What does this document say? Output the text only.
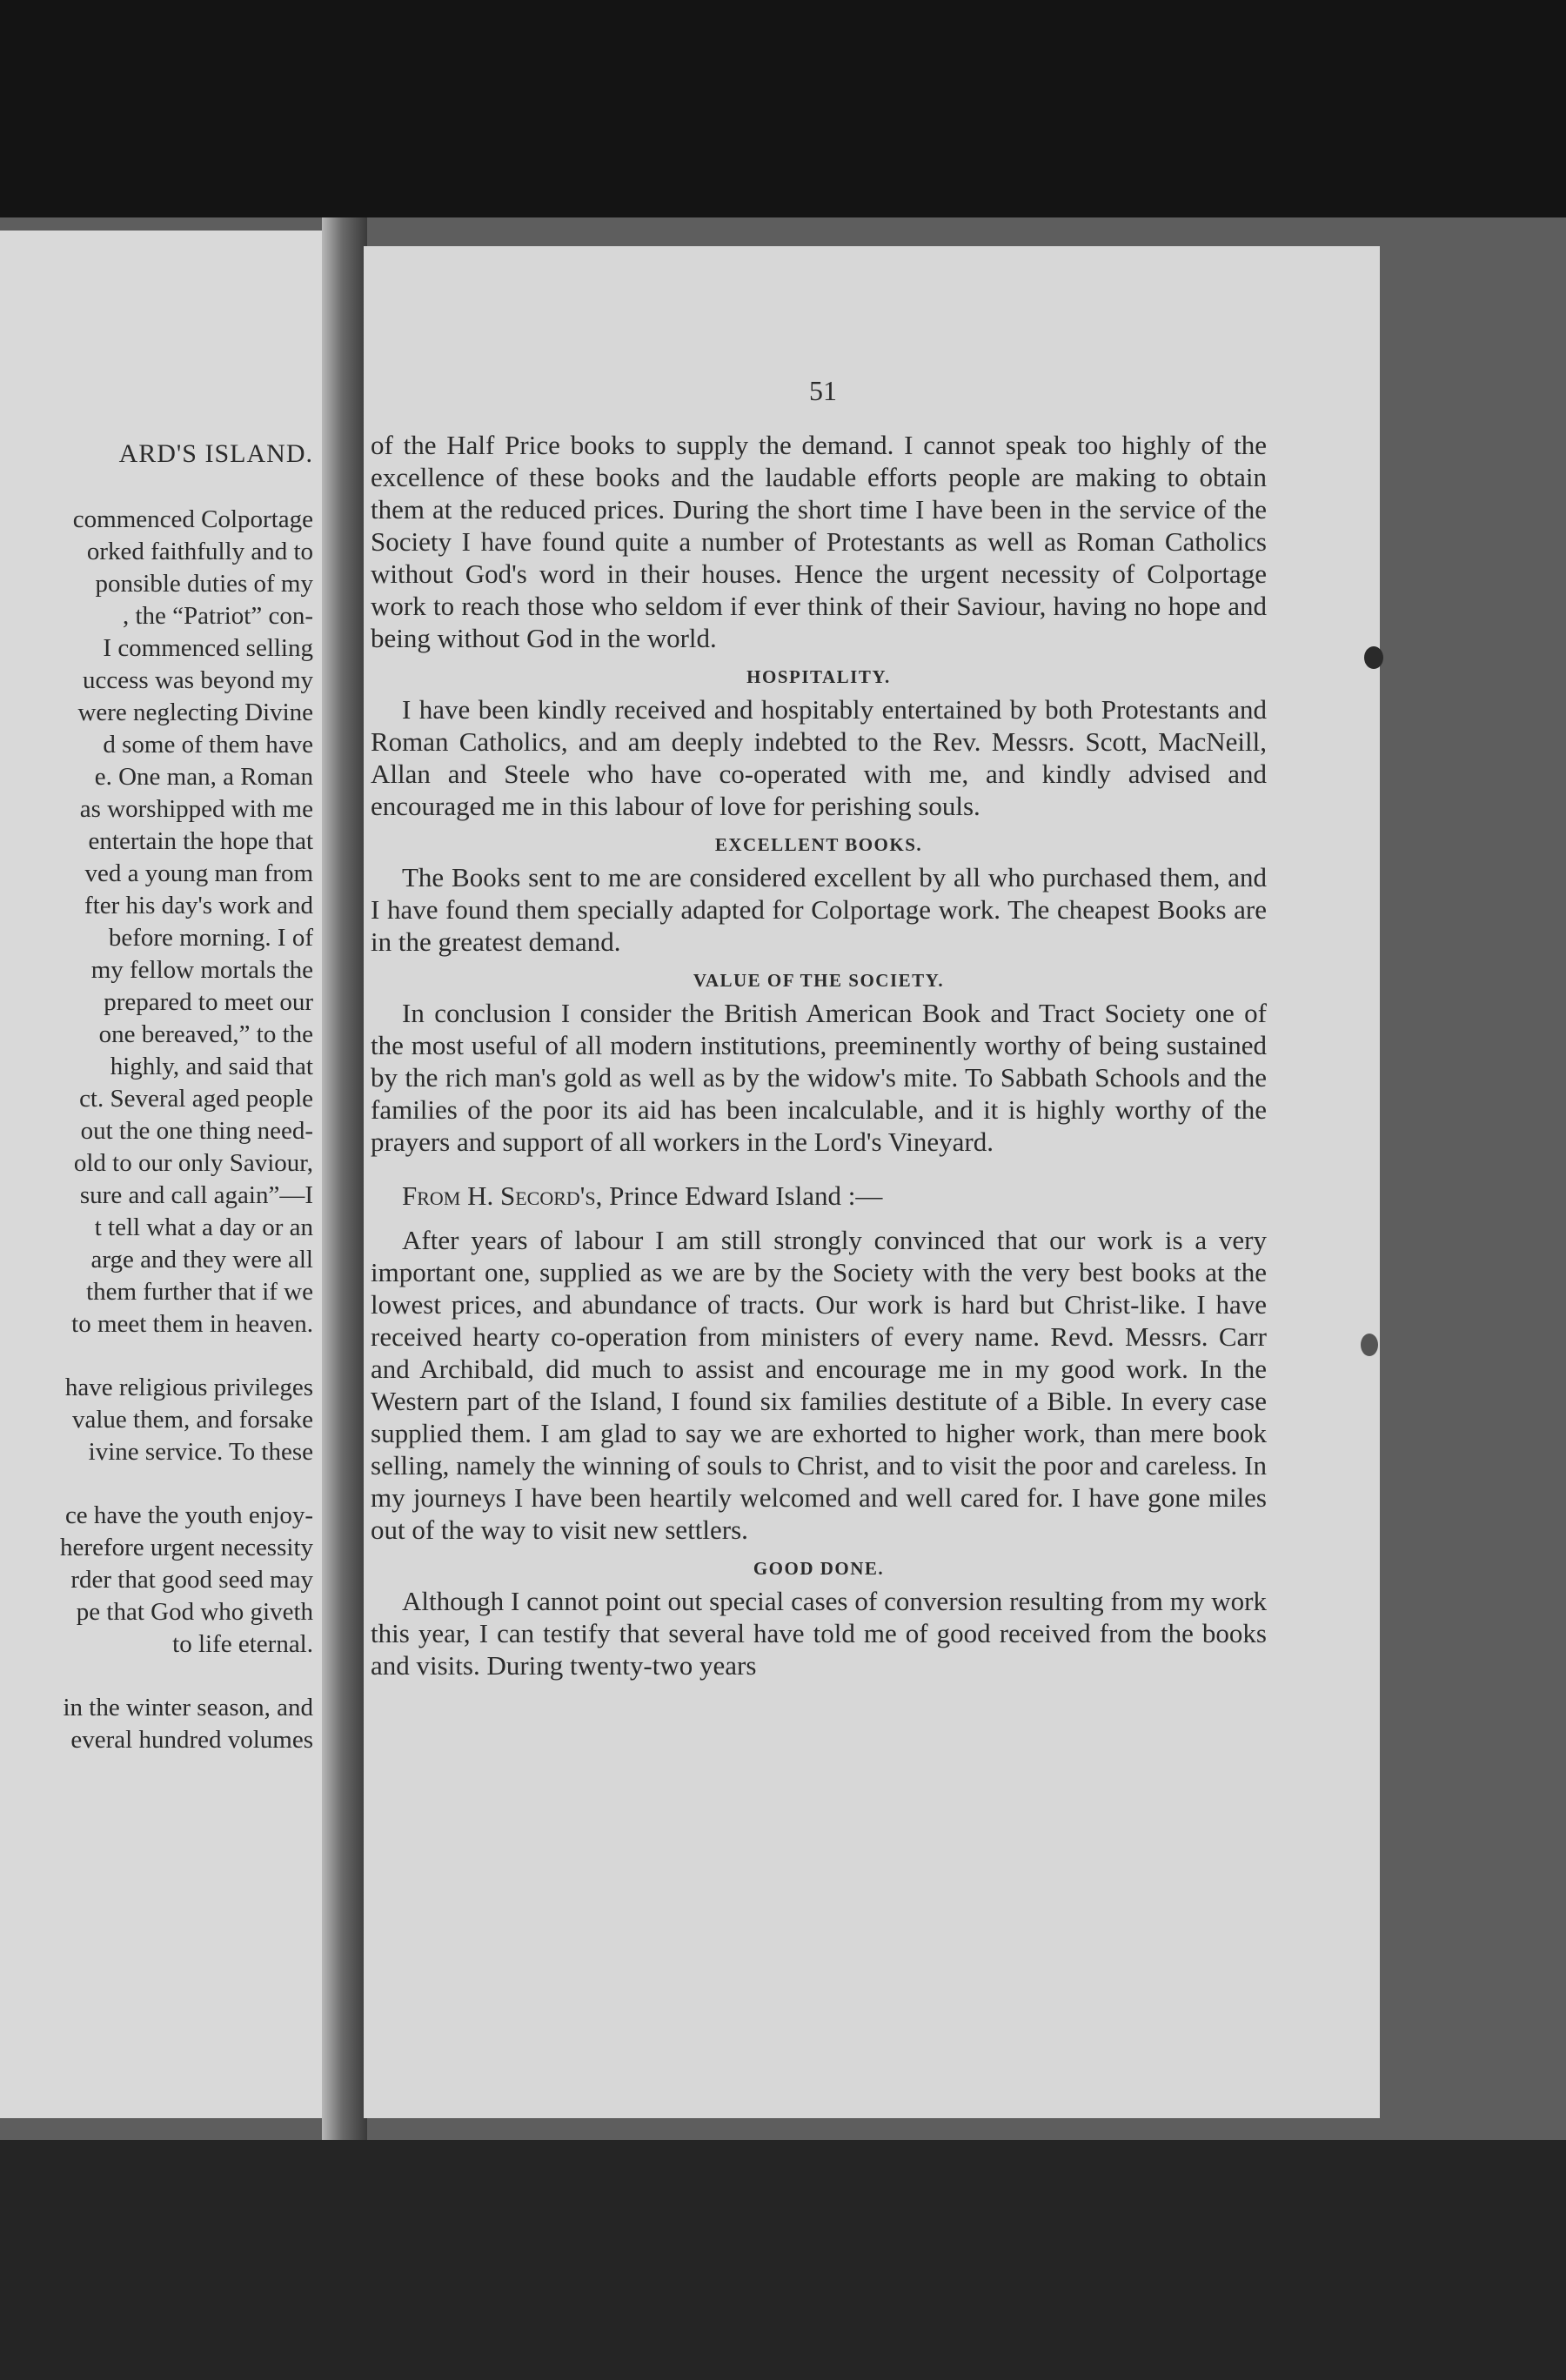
ARD'S ISLAND.

commenced Colportage

orked faithfully and to

ponsible duties of my

, the “Patriot” con-

I commenced selling

uccess was beyond my

were neglecting Divine

d some of them have

e. One man, a Roman

as worshipped with me

entertain the hope that

ved a young man from

fter his day's work and

before morning. I of

my fellow mortals the

prepared to meet our

one bereaved,” to the

highly, and said that

ct. Several aged people

out the one thing need-

old to our only Saviour,

sure and call again”—I

t tell what a day or an

arge and they were all

them further that if we

to meet them in heaven.

have religious privileges

value them, and forsake

ivine service. To these

ce have the youth enjoy-

herefore urgent necessity

rder that good seed may

pe that God who giveth

to life eternal.

in the winter season, and

everal hundred volumes

51

of the Half Price books to supply the demand. I cannot speak too highly of the excellence of these books and the laudable efforts people are making to obtain them at the reduced prices. During the short time I have been in the service of the Society I have found quite a number of Protestants as well as Roman Catholics without God's word in their houses. Hence the urgent necessity of Colportage work to reach those who seldom if ever think of their Saviour, having no hope and being without God in the world.

HOSPITALITY.

I have been kindly received and hospitably entertained by both Protestants and Roman Catholics, and am deeply indebted to the Rev. Messrs. Scott, MacNeill, Allan and Steele who have co-operated with me, and kindly advised and encouraged me in this labour of love for perishing souls.

EXCELLENT BOOKS.

The Books sent to me are considered excellent by all who purchased them, and I have found them specially adapted for Colportage work. The cheapest Books are in the greatest demand.

VALUE OF THE SOCIETY.

In conclusion I consider the British American Book and Tract Society one of the most useful of all modern institutions, preeminently worthy of being sustained by the rich man's gold as well as by the widow's mite. To Sabbath Schools and the families of the poor its aid has been incalculable, and it is highly worthy of the prayers and support of all workers in the Lord's Vineyard.

From H. Secord's, Prince Edward Island :—

After years of labour I am still strongly convinced that our work is a very important one, supplied as we are by the Society with the very best books at the lowest prices, and abundance of tracts. Our work is hard but Christ-like. I have received hearty co-operation from ministers of every name. Revd. Messrs. Carr and Archibald, did much to assist and encourage me in my good work. In the Western part of the Island, I found six families destitute of a Bible. In every case supplied them. I am glad to say we are exhorted to higher work, than mere book selling, namely the winning of souls to Christ, and to visit the poor and careless. In my journeys I have been heartily welcomed and well cared for. I have gone miles out of the way to visit new settlers.

GOOD DONE.

Although I cannot point out special cases of conversion resulting from my work this year, I can testify that several have told me of good received from the books and visits. During twenty-two years
